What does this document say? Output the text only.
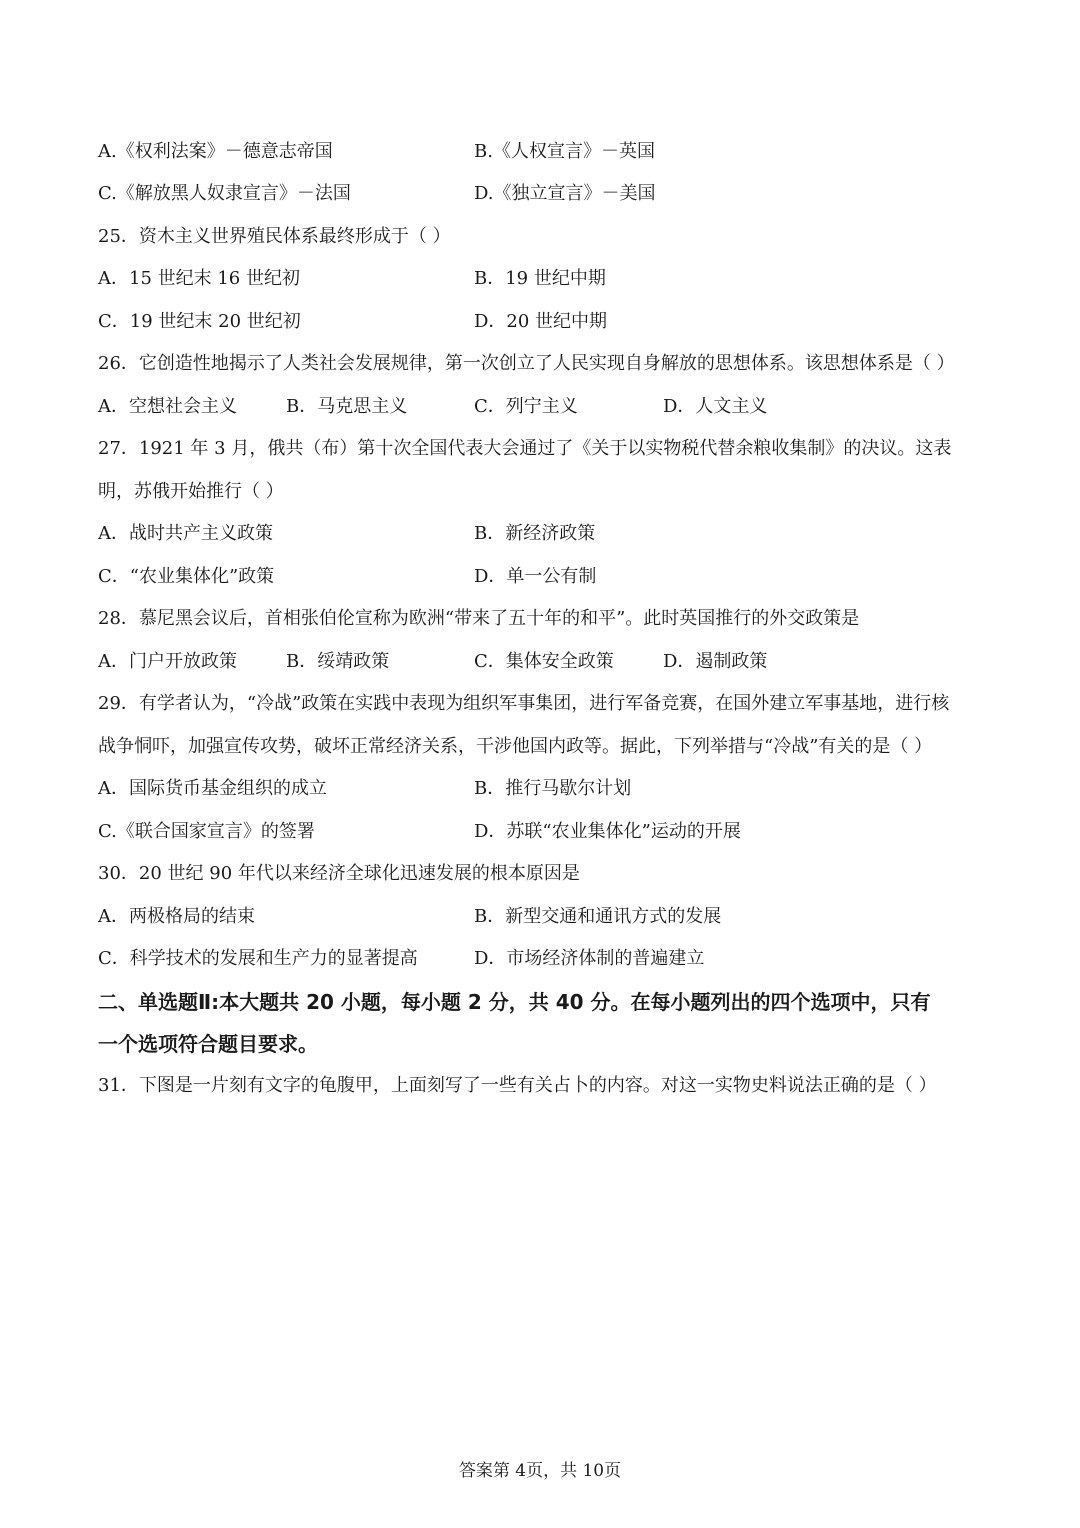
A.《权利法案》－德意志帝国	B.《人权宣言》－英国
C.《解放黑人奴隶宣言》－法国	D.《独立宣言》－美国
25．资木主义世界殖民体系最终形成于（ ）
A．15 世纪末 16 世纪初	B．19 世纪中期
C．19 世纪末 20 世纪初	D．20 世纪中期
26．它创造性地揭示了人类社会发展规律，第一次创立了人民实现自身解放的思想体系。该思想体系是（ ）
A．空想社会主义	B．马克思主义	C．列宁主义	D．人文主义
27．1921 年 3 月，俄共（布）第十次全国代表大会通过了《关于以实物税代替余粮收集制》的决议。这表
明，苏俄开始推行（ ）
A．战时共产主义政策	B．新经济政策
C．“农业集体化”政策	D．单一公有制
28．慕尼黑会议后，首相张伯伦宣称为欧洲“带来了五十年的和平”。此时英国推行的外交政策是
A．门户开放政策	B．绥靖政策	C．集体安全政策	D．遏制政策
29．有学者认为，“冷战”政策在实践中表现为组织军事集团，进行军备竞赛，在国外建立军事基地，进行核
战争恫吓，加强宣传攻势，破坏正常经济关系，干涉他国内政等。据此，下列举措与“冷战”有关的是（ ）
A．国际货币基金组织的成立	B．推行马歇尔计划
C.《联合国家宣言》的签署	D．苏联“农业集体化”运动的开展
30．20 世纪 90 年代以来经济全球化迅速发展的根本原因是
A．两极格局的结束	B．新型交通和通讯方式的发展
C．科学技术的发展和生产力的显著提高	D．市场经济体制的普遍建立
二、单选题Ⅱ:本大题共 20 小题，每小题 2 分，共 40 分。在每小题列出的四个选项中，只有
一个选项符合题目要求。
31．下图是一片刻有文字的龟腹甲，上面刻写了一些有关占卜的内容。对这一实物史料说法正确的是（ ）
答案第 4页，共 10页
